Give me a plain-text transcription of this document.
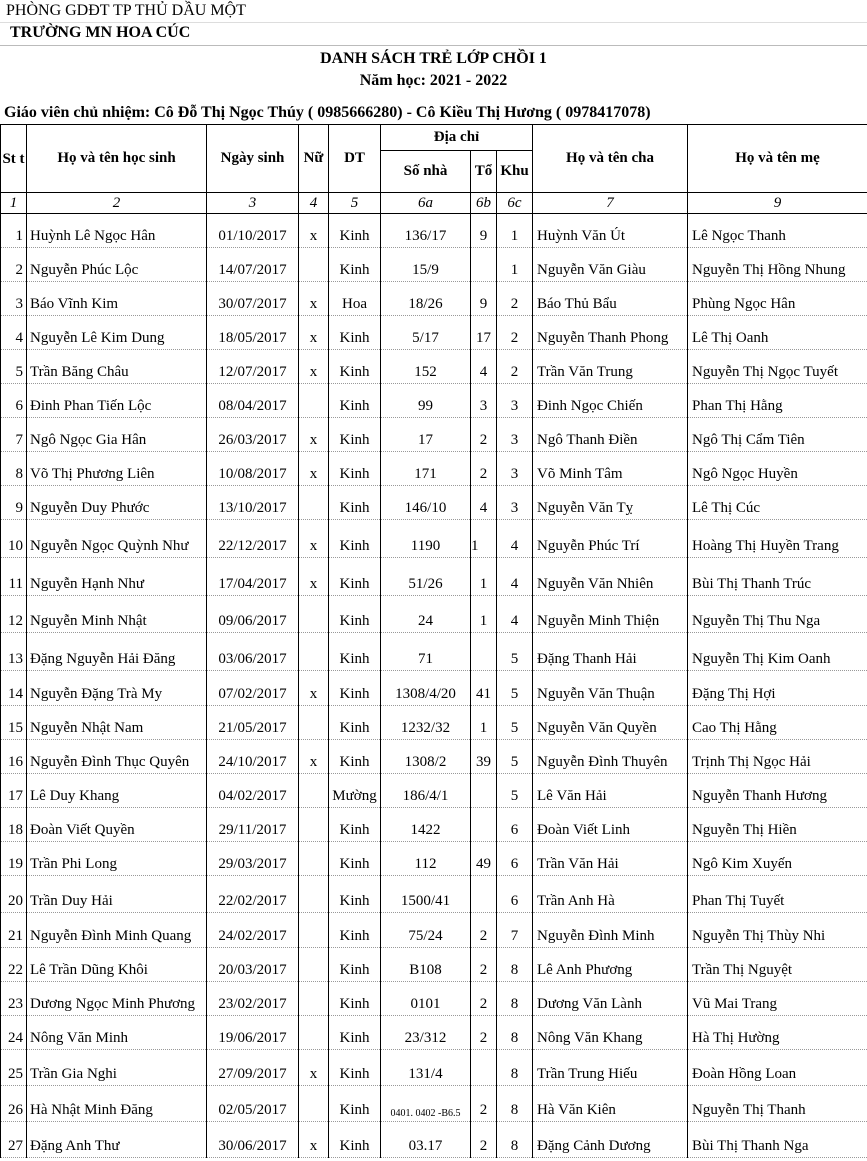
PHÒNG GDĐT TP THỦ DẦU MỘT
TRƯỜNG MN HOA CÚC
DANH SÁCH TRẺ LỚP CHỒI 1
Năm học: 2021 - 2022
Giáo viên chủ nhiệm: Cô Đỗ Thị Ngọc Thúy ( 0985666280) - Cô Kiều Thị Hương ( 0978417078)
St t	Họ và tên học sinh	Ngày sinh	Nữ	DT	Địa chỉ			Họ và tên cha	Họ và tên mẹ
					Số nhà	Tổ	Khu		
1	2	3	4	5	6a	6b	6c	7	9
1	Huỳnh Lê Ngọc Hân	01/10/2017	x	Kinh	136/17	9	1	Huỳnh Văn Út	Lê Ngọc Thanh
2	Nguyễn Phúc Lộc	14/07/2017		Kinh	15/9		1	Nguyễn Văn Giàu	Nguyễn Thị Hồng Nhung
3	Báo Vĩnh Kim	30/07/2017	x	Hoa	18/26	9	2	Báo Thủ Bẩu	Phùng Ngọc Hân
4	Nguyễn Lê Kim Dung	18/05/2017	x	Kinh	5/17	17	2	Nguyễn Thanh Phong	Lê Thị Oanh
5	Trần Băng Châu	12/07/2017	x	Kinh	152	4	2	Trần Văn Trung	Nguyễn Thị Ngọc Tuyết
6	Đinh Phan Tiến Lộc	08/04/2017		Kinh	99	3	3	Đinh Ngọc Chiến	Phan Thị Hằng
7	Ngô Ngọc Gia Hân	26/03/2017	x	Kinh	17	2	3	Ngô Thanh Điền	Ngô Thị Cẩm Tiên
8	Võ Thị Phương Liên	10/08/2017	x	Kinh	171	2	3	Võ Minh Tâm	Ngô Ngọc Huyền
9	Nguyễn Duy Phước	13/10/2017		Kinh	146/10	4	3	Nguyễn Văn Tỵ	Lê Thị Cúc
10	Nguyễn Ngọc Quỳnh Như	22/12/2017	x	Kinh	1190	1	4	Nguyễn Phúc Trí	Hoàng Thị Huyền Trang
11	Nguyễn Hạnh Như	17/04/2017	x	Kinh	51/26	1	4	Nguyễn Văn Nhiên	Bùi Thị Thanh Trúc
12	Nguyễn Minh Nhật	09/06/2017		Kinh	24	1	4	Nguyễn Minh Thiện	Nguyễn Thị Thu Nga
13	Đặng Nguyễn Hải Đăng	03/06/2017		Kinh	71		5	Đặng Thanh Hải	Nguyễn Thị Kim Oanh
14	Nguyễn Đặng Trà My	07/02/2017	x	Kinh	1308/4/20	41	5	Nguyễn Văn Thuận	Đặng Thị Hợi
15	Nguyễn Nhật Nam	21/05/2017		Kinh	1232/32	1	5	Nguyễn Văn Quyền	Cao Thị Hằng
16	Nguyễn Đình Thục Quyên	24/10/2017	x	Kinh	1308/2	39	5	Nguyễn Đình Thuyên	Trịnh Thị Ngọc Hải
17	Lê Duy Khang	04/02/2017		Mường	186/4/1		5	Lê Văn Hải	Nguyễn Thanh Hương
18	Đoàn Viết Quyền	29/11/2017		Kinh	1422		6	Đoàn Viết Linh	Nguyễn Thị Hiền
19	Trần Phi Long	29/03/2017		Kinh	112	49	6	Trần Văn Hải	Ngô Kim Xuyến
20	Trần Duy Hải	22/02/2017		Kinh	1500/41		6	Trần Anh Hà	Phan Thị Tuyết
21	Nguyễn Đình Minh Quang	24/02/2017		Kinh	75/24	2	7	Nguyễn Đình Minh	Nguyễn Thị Thùy Nhi
22	Lê Trần Dũng Khôi	20/03/2017		Kinh	B108	2	8	Lê Anh Phương	Trần Thị Nguyệt
23	Dương Ngọc Minh Phương	23/02/2017		Kinh	0101	2	8	Dương Văn Lành	Vũ Mai Trang
24	Nông Văn Minh	19/06/2017		Kinh	23/312	2	8	Nông Văn Khang	Hà Thị Hường
25	Trần Gia Nghi	27/09/2017	x	Kinh	131/4		8	Trần Trung Hiếu	Đoàn Hồng Loan
26	Hà Nhật Minh Đăng	02/05/2017		Kinh	0401. 0402 -B6.5	2	8	Hà Văn Kiên	Nguyễn Thị Thanh
27	Đặng Anh Thư	30/06/2017	x	Kinh	03.17	2	8	Đặng Cảnh Dương	Bùi Thị Thanh Nga
